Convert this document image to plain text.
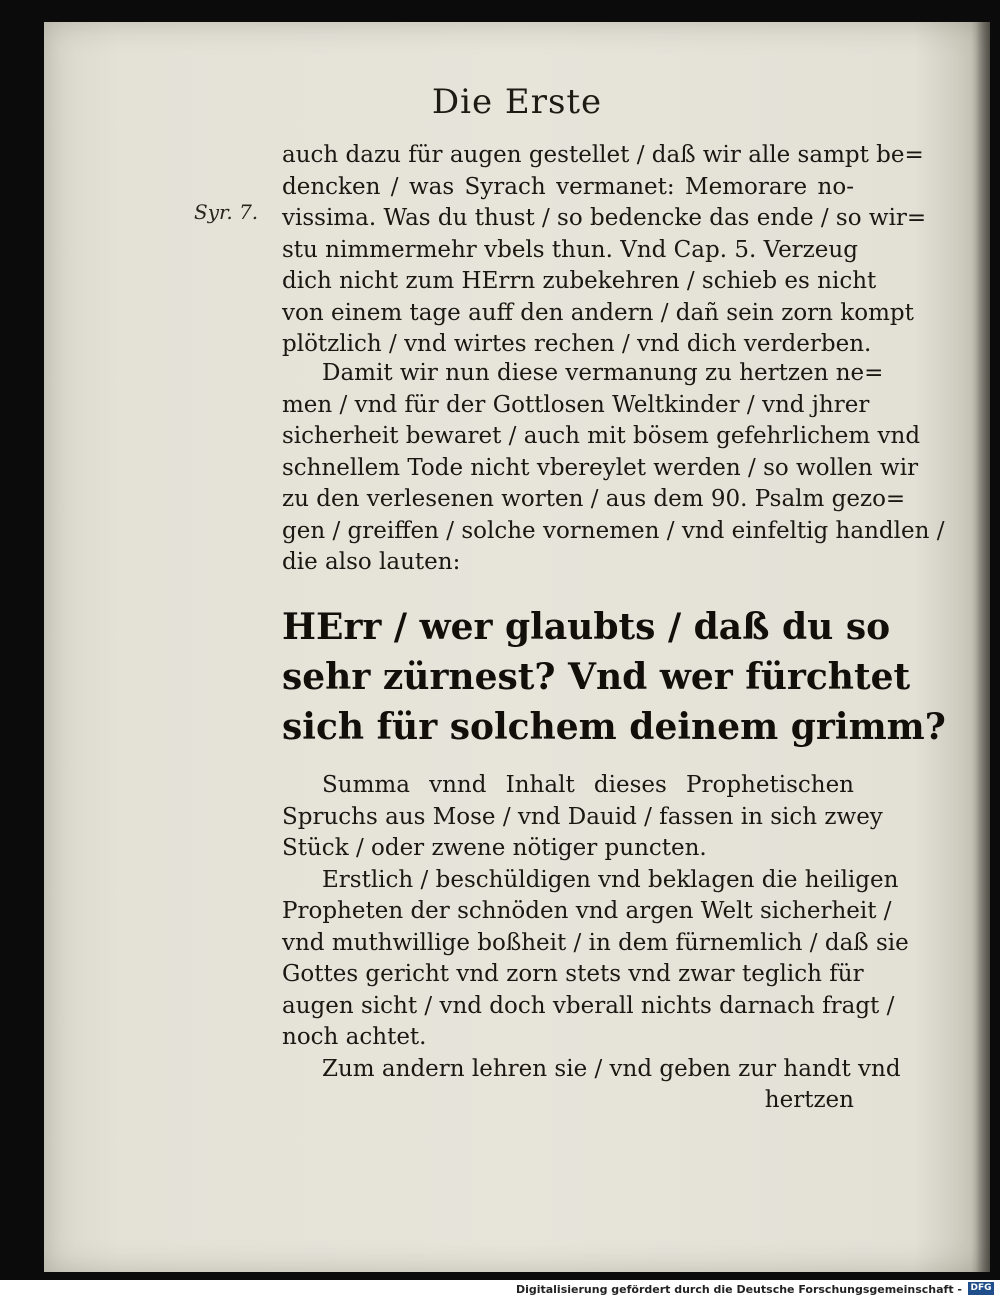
Die Erste
Syr. 7.
auch dazu für augen gestellet / daß wir alle sampt be=
dencken / was Syrach vermanet: Memorare no-
vissima. Was du thust / so bedencke das ende / so wir=
stu nimmermehr vbels thun. Vnd Cap. 5. Verzeug
dich nicht zum HErrn zubekehren / schieb es nicht
von einem tage auff den andern / dañ sein zorn kompt
plötzlich / vnd wirtes rechen / vnd dich verderben.
Damit wir nun diese vermanung zu hertzen ne=
men / vnd für der Gottlosen Weltkinder / vnd jhrer
sicherheit bewaret / auch mit bösem gefehrlichem vnd
schnellem Tode nicht vbereylet werden / so wollen wir
zu den verlesenen worten / aus dem 90. Psalm gezo=
gen / greiffen / solche vornemen / vnd einfeltig handlen /
die also lauten:
HErr / wer glaubts / daß du so
sehr zürnest? Vnd wer fürchtet
sich für solchem deinem grimm?
Summa vnnd Inhalt dieses Prophetischen
Spruchs aus Mose / vnd Dauid / fassen in sich zwey
Stück / oder zwene nötiger puncten.
Erstlich / beschüldigen vnd beklagen die heiligen
Propheten der schnöden vnd argen Welt sicherheit /
vnd muthwillige boßheit / in dem fürnemlich / daß sie
Gottes gericht vnd zorn stets vnd zwar teglich für
augen sicht / vnd doch vberall nichts darnach fragt /
noch achtet.
Zum andern lehren sie / vnd geben zur handt vnd
hertzen
Digitalisierung gefördert durch die Deutsche Forschungsgemeinschaft - DFG
